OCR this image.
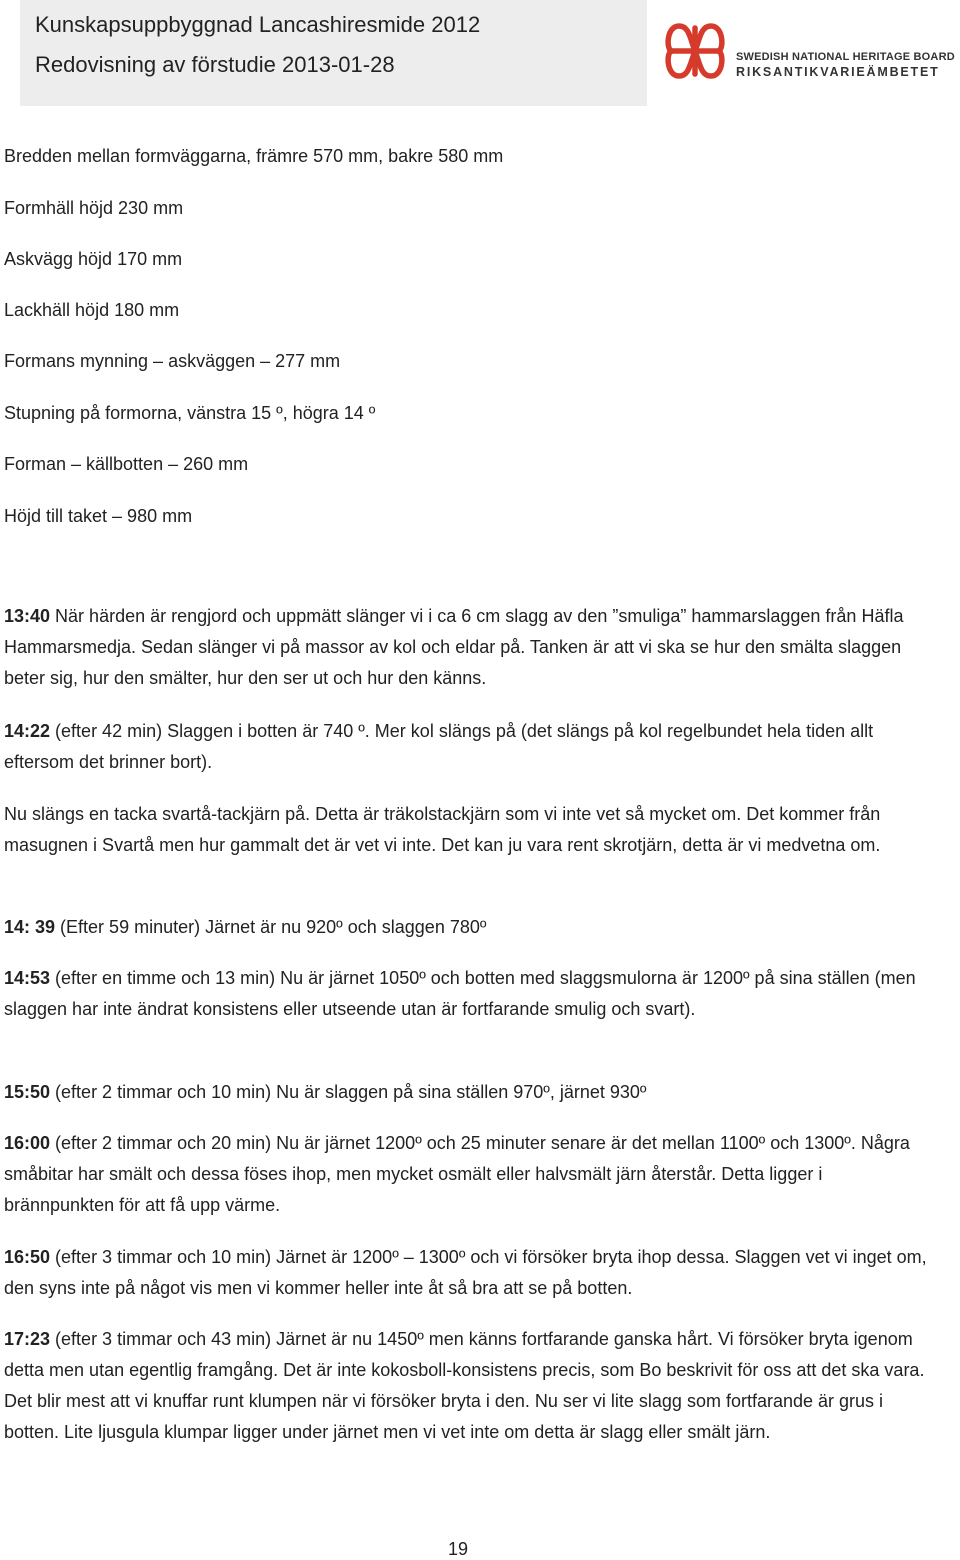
Kunskapsuppbyggnad Lancashiresmide 2012
Redovisning av förstudie 2013-01-28	SWEDISH NATIONAL HERITAGE BOARD
RIKSANTIKVARIEÄMBETET
Bredden mellan formväggarna, främre 570 mm, bakre 580 mm
Formhäll höjd 230 mm
Askvägg höjd 170 mm
Lackhäll höjd 180 mm
Formans mynning – askväggen – 277 mm
Stupning på formorna, vänstra 15 º, högra 14 º
Forman – källbotten – 260 mm
Höjd till taket – 980 mm

13:40 När härden är rengjord och uppmätt slänger vi i ca 6 cm slagg av den ”smuliga” hammarslaggen från Häfla Hammarsmedja. Sedan slänger vi på massor av kol och eldar på. Tanken är att vi ska se hur den smälta slaggen beter sig, hur den smälter, hur den ser ut och hur den känns.

14:22 (efter 42 min) Slaggen i botten är 740 º. Mer kol slängs på (det slängs på kol regelbundet hela tiden allt eftersom det brinner bort).

Nu slängs en tacka svartå-tackjärn på. Detta är träkolstackjärn som vi inte vet så mycket om. Det kommer från masugnen i Svartå men hur gammalt det är vet vi inte. Det kan ju vara rent skrotjärn, detta är vi medvetna om.

14: 39 (Efter 59 minuter) Järnet är nu 920º och slaggen 780º

14:53 (efter en timme och 13 min) Nu är järnet 1050º och botten med slaggsmulorna är 1200º på sina ställen (men slaggen har inte ändrat konsistens eller utseende utan är fortfarande smulig och svart).

15:50 (efter 2 timmar och 10 min) Nu är slaggen på sina ställen 970º, järnet 930º

16:00 (efter 2 timmar och 20 min) Nu är järnet 1200º och 25 minuter senare är det mellan 1100º och 1300º. Några småbitar har smält och dessa föses ihop, men mycket osmält eller halvsmält järn återstår. Detta ligger i brännpunkten för att få upp värme.

16:50 (efter 3 timmar och 10 min) Järnet är 1200º – 1300º och vi försöker bryta ihop dessa. Slaggen vet vi inget om, den syns inte på något vis men vi kommer heller inte åt så bra att se på botten.

17:23 (efter 3 timmar och 43 min) Järnet är nu 1450º men känns fortfarande ganska hårt. Vi försöker bryta igenom detta men utan egentlig framgång. Det är inte kokosboll-konsistens precis, som Bo beskrivit för oss att det ska vara. Det blir mest att vi knuffar runt klumpen när vi försöker bryta i den. Nu ser vi lite slagg som fortfarande är grus i botten. Lite ljusgula klumpar ligger under järnet men vi vet inte om detta är slagg eller smält järn.

19
